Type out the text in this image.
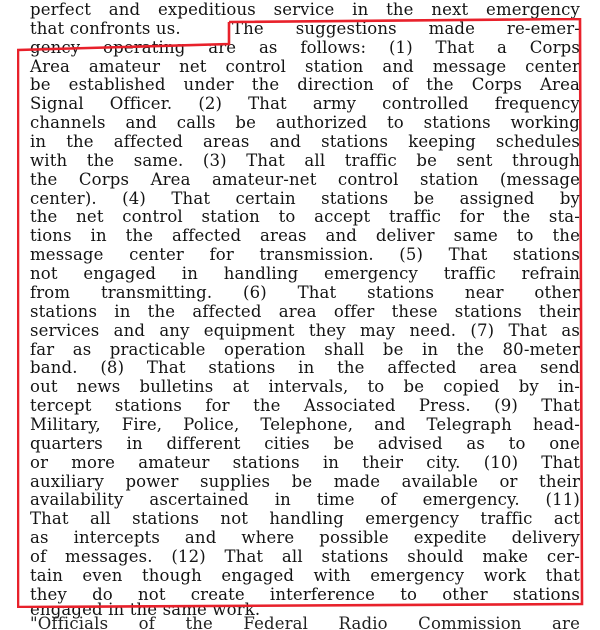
perfect and expeditious service in the next emergency
that confronts us.	The suggestions made re-emer-
gency operating are as follows: (1) That a Corps
Area amateur net control station and message center
be established under the direction of the Corps Area
Signal Officer. (2) That army controlled frequency
channels and calls be authorized to stations working
in the affected areas and stations keeping schedules
with the same. (3) That all traffic be sent through
the Corps Area amateur-net control station (message
center). (4) That certain stations be assigned by
the net control station to accept traffic for the sta-
tions in the affected areas and deliver same to the
message center for transmission. (5) That stations
not engaged in handling emergency traffic refrain
from transmitting. (6) That stations near other
stations in the affected area offer these stations their
services and any equipment they may need. (7) That as
far as practicable operation shall be in the 80-meter
band. (8) That stations in the affected area send
out news bulletins at intervals, to be copied by in-
tercept stations for the Associated Press. (9) That
Military, Fire, Police, Telephone, and Telegraph head-
quarters in different cities be advised as to one
or more amateur stations in their city. (10) That
auxiliary power supplies be made available or their
availability ascertained in time of emergency. (11)
That all stations not handling emergency traffic act
as intercepts and where possible expedite delivery
of messages. (12) That all stations should make cer-
tain even though engaged with emergency work that
they do not create interference to other stations
engaged in the same work.
"Officials of the Federal Radio Commission are
